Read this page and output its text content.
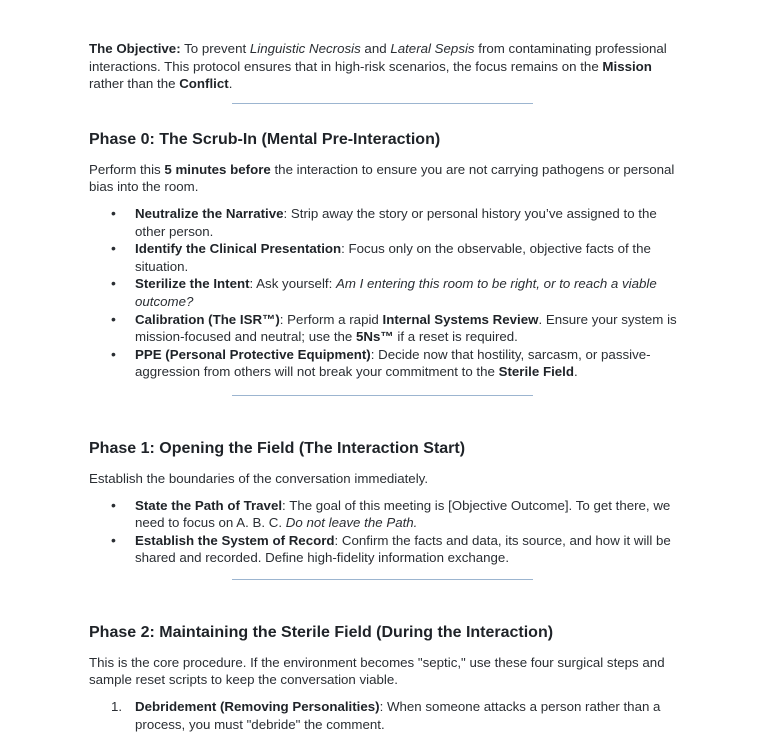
The Objective: To prevent Linguistic Necrosis and Lateral Sepsis from contaminating professional interactions. This protocol ensures that in high-risk scenarios, the focus remains on the Mission rather than the Conflict.

Phase 0: The Scrub-In (Mental Pre-Interaction)

Perform this 5 minutes before the interaction to ensure you are not carrying pathogens or personal bias into the room.

• Neutralize the Narrative: Strip away the story or personal history you’ve assigned to the other person.
• Identify the Clinical Presentation: Focus only on the observable, objective facts of the situation.
• Sterilize the Intent: Ask yourself: Am I entering this room to be right, or to reach a viable outcome?
• Calibration (The ISR™): Perform a rapid Internal Systems Review. Ensure your system is mission-focused and neutral; use the 5Ns™ if a reset is required.
• PPE (Personal Protective Equipment): Decide now that hostility, sarcasm, or passive-aggression from others will not break your commitment to the Sterile Field.
Phase 1: Opening the Field (The Interaction Start)

Establish the boundaries of the conversation immediately.

• State the Path of Travel: The goal of this meeting is [Objective Outcome]. To get there, we need to focus on A. B. C. Do not leave the Path.
• Establish the System of Record: Confirm the facts and data, its source, and how it will be shared and recorded. Define high-fidelity information exchange.
Phase 2: Maintaining the Sterile Field (During the Interaction)

This is the core procedure. If the environment becomes "septic," use these four surgical steps and sample reset scripts to keep the conversation viable.

1. Debridement (Removing Personalities): When someone attacks a person rather than a process, you must "debride" the comment.
